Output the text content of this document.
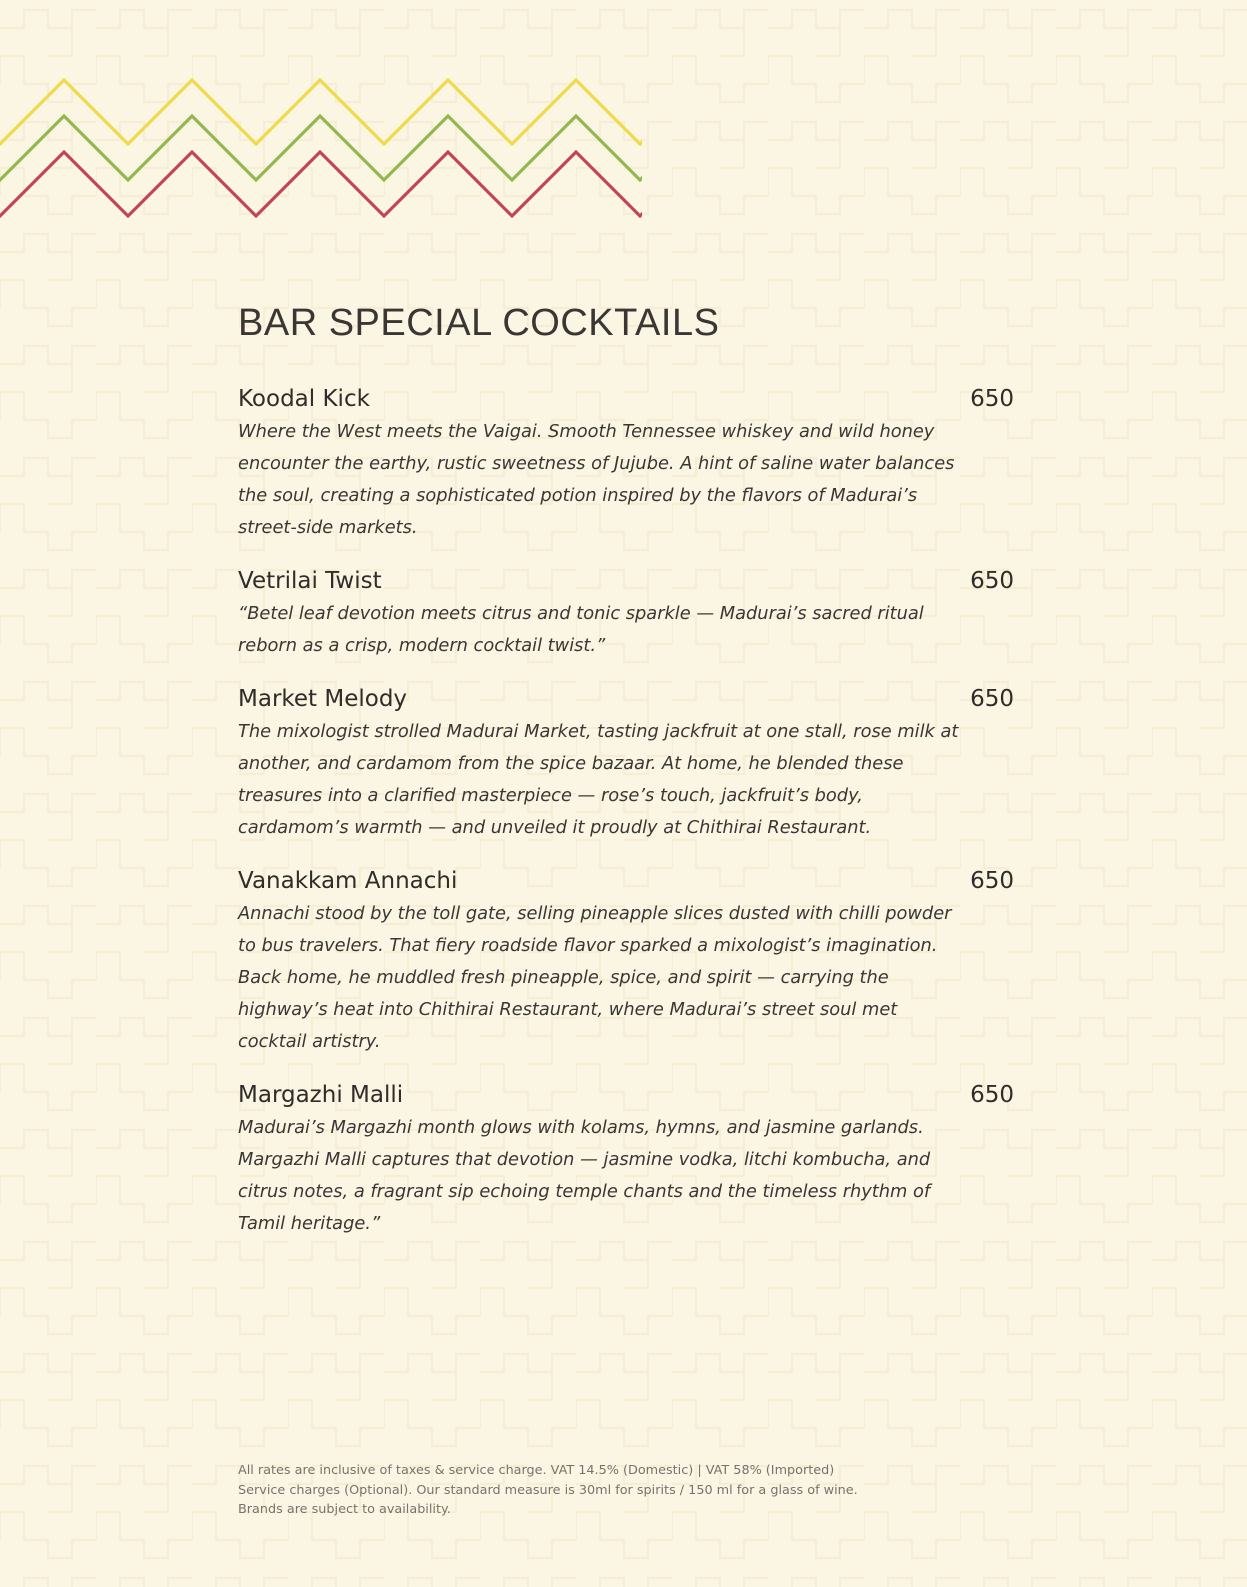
BAR SPECIAL COCKTAILS
Koodal Kick	650
Where the West meets the Vaigai. Smooth Tennessee whiskey and wild honey encounter the earthy, rustic sweetness of Jujube. A hint of saline water balances the soul, creating a sophisticated potion inspired by the flavors of Madurai’s street-side markets.
Vetrilai Twist	650
“Betel leaf devotion meets citrus and tonic sparkle — Madurai’s sacred ritual reborn as a crisp, modern cocktail twist.”
Market Melody	650
The mixologist strolled Madurai Market, tasting jackfruit at one stall, rose milk at another, and cardamom from the spice bazaar. At home, he blended these treasures into a clarified masterpiece — rose’s touch, jackfruit’s body, cardamom’s warmth — and unveiled it proudly at Chithirai Restaurant.
Vanakkam Annachi	650
Annachi stood by the toll gate, selling pineapple slices dusted with chilli powder to bus travelers. That fiery roadside flavor sparked a mixologist’s imagination. Back home, he muddled fresh pineapple, spice, and spirit — carrying the highway’s heat into Chithirai Restaurant, where Madurai’s street soul met cocktail artistry.
Margazhi Malli	650
Madurai’s Margazhi month glows with kolams, hymns, and jasmine garlands. Margazhi Malli captures that devotion — jasmine vodka, litchi kombucha, and citrus notes, a fragrant sip echoing temple chants and the timeless rhythm of Tamil heritage.”
All rates are inclusive of taxes & service charge. VAT 14.5% (Domestic) | VAT 58% (Imported)
Service charges (Optional). Our standard measure is 30ml for spirits / 150 ml for a glass of wine.
Brands are subject to availability.
